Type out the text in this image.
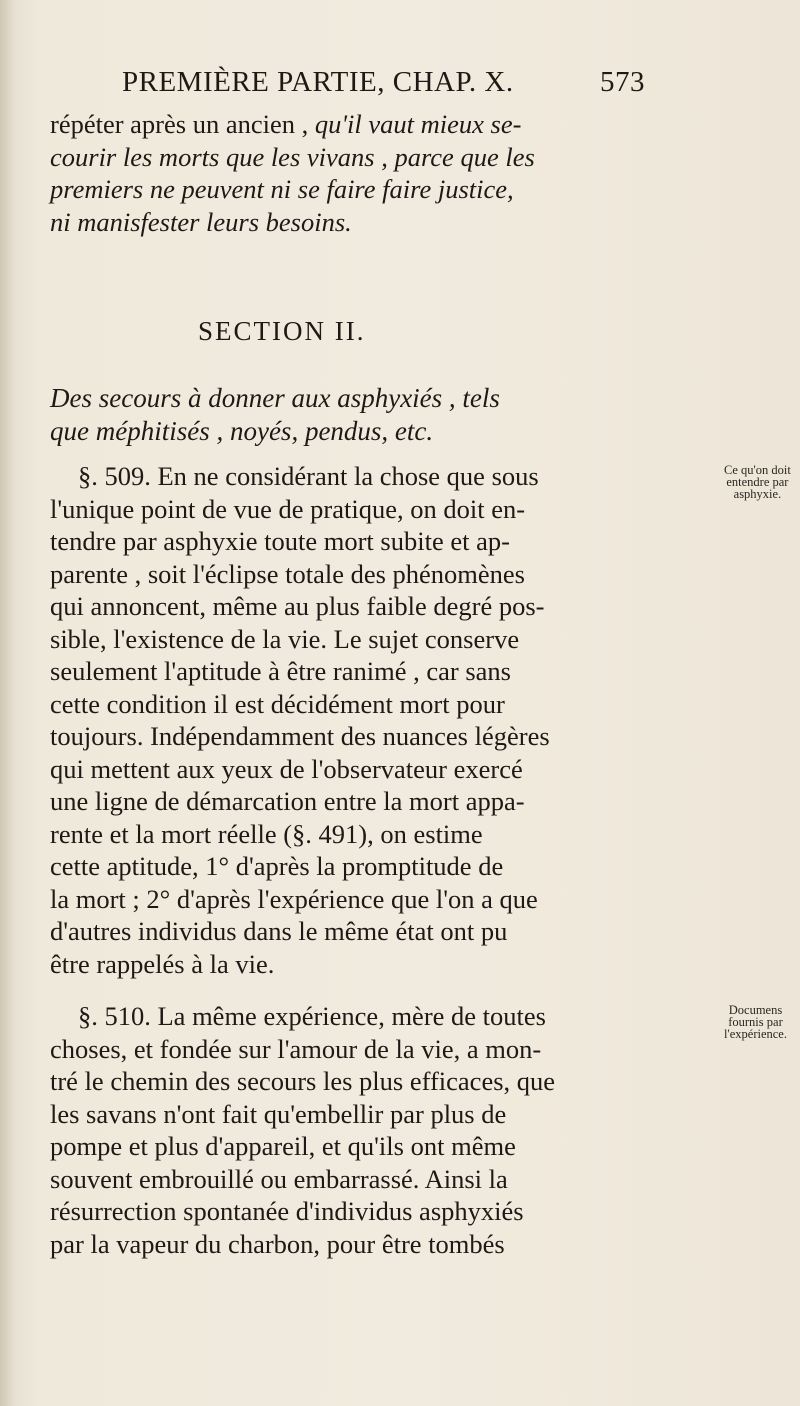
PREMIÈRE PARTIE, CHAP. X.	573
répéter après un ancien , qu'il vaut mieux se-
courir les morts que les vivans , parce que les
premiers ne peuvent ni se faire faire justice,
ni manisfester leurs besoins.
SECTION II.
Des secours à donner aux asphyxiés , tels
que méphitisés , noyés, pendus, etc.
§. 509. En ne considérant la chose que sous
l'unique point de vue de pratique, on doit en-
tendre par asphyxie toute mort subite et ap-
parente , soit l'éclipse totale des phénomènes
qui annoncent, même au plus faible degré pos-
sible, l'existence de la vie. Le sujet conserve
seulement l'aptitude à être ranimé , car sans
cette condition il est décidément mort pour
toujours. Indépendamment des nuances légères
qui mettent aux yeux de l'observateur exercé
une ligne de démarcation entre la mort appa-
rente et la mort réelle (§. 491), on estime
cette aptitude, 1° d'après la promptitude de
la mort ; 2° d'après l'expérience que l'on a que
d'autres individus dans le même état ont pu
être rappelés à la vie.
Ce qu'on doit
entendre par
asphyxie.
§. 510. La même expérience, mère de toutes
choses, et fondée sur l'amour de la vie, a mon-
tré le chemin des secours les plus efficaces, que
les savans n'ont fait qu'embellir par plus de
pompe et plus d'appareil, et qu'ils ont même
souvent embrouillé ou embarrassé. Ainsi la
résurrection spontanée d'individus asphyxiés
par la vapeur du charbon, pour être tombés
Documens
fournis par
l'expérience.
